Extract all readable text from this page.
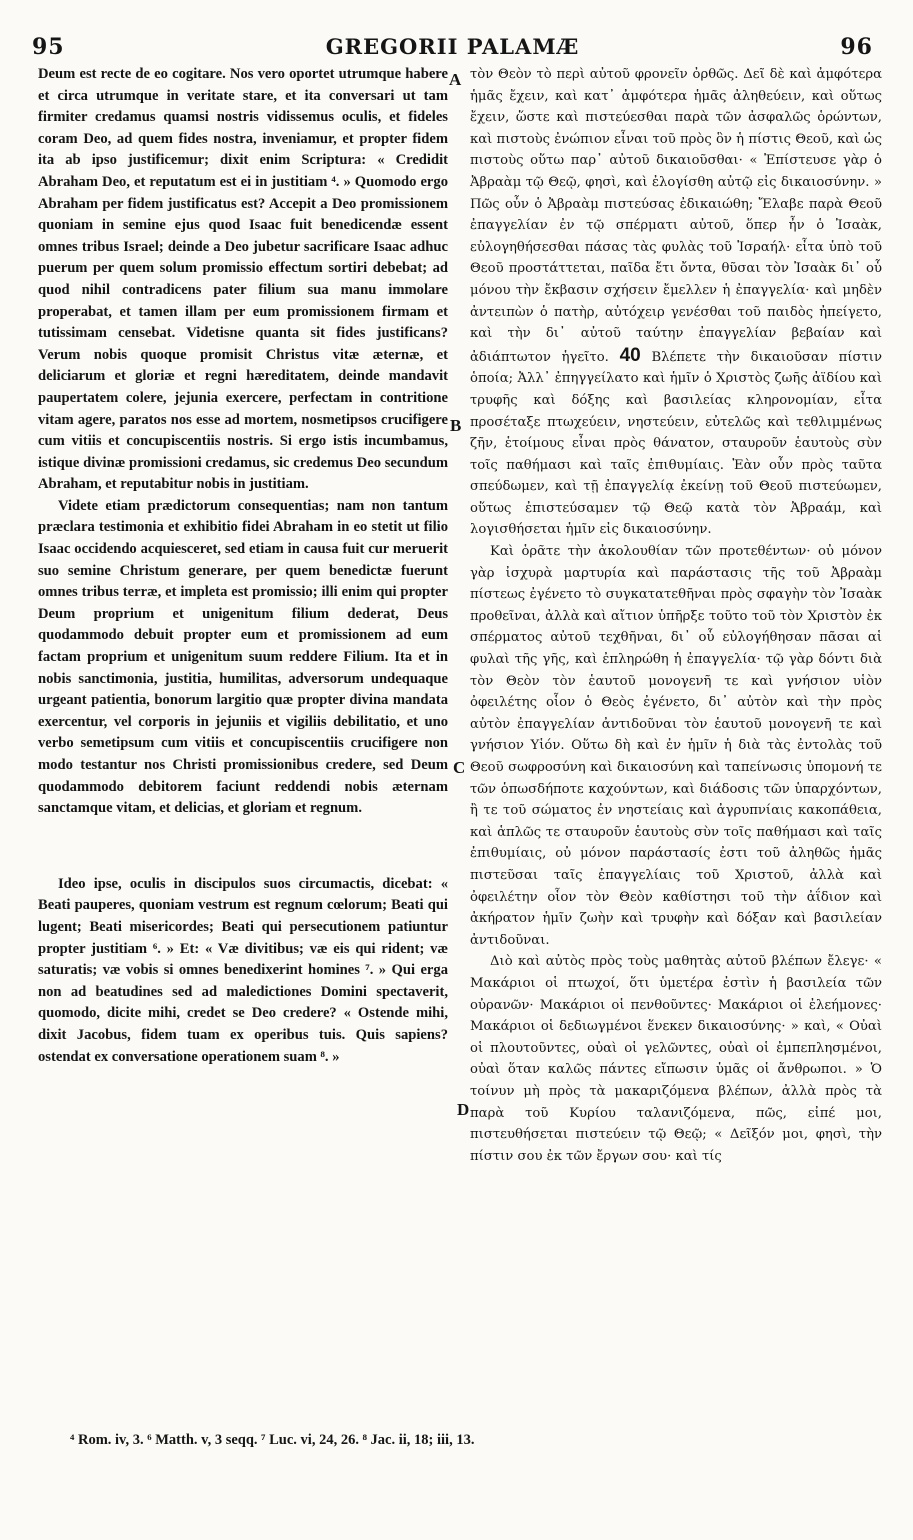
95	GREGORII PALAMÆ	96

Deum est recte de eo cogitare. Nos vero oportet utrumque habere et circa utrumque in veritate stare, et ita conversari ut tam firmiter credamus quamsi nostris vidissemus oculis, et fideles coram Deo, ad quem fides nostra, inveniamur, et propter fidem ita ab ipso justificemur; dixit enim Scriptura: « Credidit Abraham Deo, et reputatum est ei in justitiam ⁴. » Quomodo ergo Abraham per fidem justificatus est? Accepit a Deo promissionem quoniam in semine ejus quod Isaac fuit benedicendæ essent omnes tribus Israel; deinde a Deo jubetur sacrificare Isaac adhuc puerum per quem solum promissio effectum sortiri debebat; ad quod nihil contradicens pater filium sua manu immolare properabat, et tamen illam per eum promissionem firmam et tutissimam censebat. Videtisne quanta sit fides justificans? Verum nobis quoque promisit Christus vitæ æternæ, et deliciarum et gloriæ et regni hæreditatem, deinde mandavit paupertatem colere, jejunia exercere, perfectam in contritione vitam agere, paratos nos esse ad mortem, nosmetipsos crucifigere cum vitiis et concupiscentiis nostris. Si ergo istis incumbamus, istique divinæ promissioni credamus, sic credemus Deo secundum Abraham, et reputabitur nobis in justitiam.

Videte etiam prædictorum consequentias; nam non tantum præclara testimonia et exhibitio fidei Abraham in eo stetit ut filio Isaac occidendo acquiesceret, sed etiam in causa fuit cur meruerit suo semine Christum generare, per quem benedictæ fuerunt omnes tribus terræ, et impleta est promissio; illi enim qui propter Deum proprium et unigenitum filium dederat, Deus quodammodo debuit propter eum et promissionem ad eum factam proprium et unigenitum suum reddere Filium. Ita et in nobis sanctimonia, justitia, humilitas, adversorum undequaque urgeant patientia, bonorum largitio quæ propter divina mandata exercentur, vel corporis in jejuniis et vigiliis debilitatio, et uno verbo semetipsum cum vitiis et concupiscentiis crucifigere non modo testantur nos Christi promissionibus credere, sed Deum quodammodo debitorem faciunt reddendi nobis æternam sanctamque vitam, et delicias, et gloriam et regnum.

Ideo ipse, oculis in discipulos suos circumactis, dicebat: « Beati pauperes, quoniam vestrum est regnum cœlorum; Beati qui lugent; Beati misericordes; Beati qui persecutionem patiuntur propter justitiam ⁶. » Et: « Væ divitibus; væ eis qui rident; væ saturatis; væ vobis si omnes benedixerint homines ⁷. » Qui erga non ad beatudines sed ad maledictiones Domini spectaverit, quomodo, dicite mihi, credet se Deo credere? « Ostende mihi, dixit Jacobus, fidem tuam ex operibus tuis. Quis sapiens? ostendat ex conversatione operationem suam ⁸. »

A
B
C
D

τὸν Θεὸν τὸ περὶ αὐτοῦ φρονεῖν ὀρθῶς. Δεῖ δὲ καὶ ἀμφότερα ἡμᾶς ἔχειν, καὶ κατ᾽ ἀμφότερα ἡμᾶς ἀληθεύειν, καὶ οὕτως ἔχειν, ὥστε καὶ πιστεύεσθαι παρὰ τῶν ἀσφαλῶς ὁρώντων, καὶ πιστοὺς ἐνώπιον εἶναι τοῦ πρὸς ὃν ἡ πίστις Θεοῦ, καὶ ὡς πιστοὺς οὕτω παρ᾽ αὐτοῦ δικαιοῦσθαι· « Ἐπίστευσε γὰρ ὁ Ἀβραὰμ τῷ Θεῷ, φησὶ, καὶ ἐλογίσθη αὐτῷ εἰς δικαιοσύνην. » Πῶς οὖν ὁ Ἀβραὰμ πιστεύσας ἐδικαιώθη; Ἔλαβε παρὰ Θεοῦ ἐπαγγελίαν ἐν τῷ σπέρματι αὐτοῦ, ὅπερ ἦν ὁ Ἰσαὰκ, εὐλογηθήσεσθαι πάσας τὰς φυλὰς τοῦ Ἰσραήλ· εἶτα ὑπὸ τοῦ Θεοῦ προστάττεται, παῖδα ἔτι ὄντα, θῦσαι τὸν Ἰσαὰκ δι᾽ οὗ μόνου τὴν ἔκβασιν σχήσειν ἔμελλεν ἡ ἐπαγγελία· καὶ μηδὲν ἀντειπὼν ὁ πατὴρ, αὐτόχειρ γενέσθαι τοῦ παιδὸς ἠπείγετο, καὶ τὴν δι᾽ αὐτοῦ ταύτην ἐπαγγελίαν βεβαίαν καὶ ἀδιάπτωτον ἡγεῖτο. 40 Βλέπετε τὴν δικαιοῦσαν πίστιν ὁποία; Ἀλλ᾽ ἐπηγγείλατο καὶ ἡμῖν ὁ Χριστὸς ζωῆς ἀϊδίου καὶ τρυφῆς καὶ δόξης καὶ βασιλείας κληρονομίαν, εἶτα προσέταξε πτωχεύειν, νηστεύειν, εὐτελῶς καὶ τεθλιμμένως ζῆν, ἑτοίμους εἶναι πρὸς θάνατον, σταυροῦν ἑαυτοὺς σὺν τοῖς παθήμασι καὶ ταῖς ἐπιθυμίαις. Ἐὰν οὖν πρὸς ταῦτα σπεύδωμεν, καὶ τῇ ἐπαγγελίᾳ ἐκείνῃ τοῦ Θεοῦ πιστεύωμεν, οὕτως ἐπιστεύσαμεν τῷ Θεῷ κατὰ τὸν Ἀβραάμ, καὶ λογισθήσεται ἡμῖν εἰς δικαιοσύνην.

Καὶ ὁρᾶτε τὴν ἀκολουθίαν τῶν προτεθέντων· οὐ μόνον γὰρ ἰσχυρὰ μαρτυρία καὶ παράστασις τῆς τοῦ Ἀβραὰμ πίστεως ἐγένετο τὸ συγκατατεθῆναι πρὸς σφαγὴν τὸν Ἰσαὰκ προθεῖναι, ἀλλὰ καὶ αἴτιον ὑπῆρξε τοῦτο τοῦ τὸν Χριστὸν ἐκ σπέρματος αὐτοῦ τεχθῆναι, δι᾽ οὗ εὐλογήθησαν πᾶσαι αἱ φυλαὶ τῆς γῆς, καὶ ἐπληρώθη ἡ ἐπαγγελία· τῷ γὰρ δόντι διὰ τὸν Θεὸν τὸν ἑαυτοῦ μονογενῆ τε καὶ γνήσιον υἱὸν ὀφειλέτης οἷον ὁ Θεὸς ἐγένετο, δι᾽ αὐτὸν καὶ τὴν πρὸς αὐτὸν ἐπαγγελίαν ἀντιδοῦναι τὸν ἑαυτοῦ μονογενῆ τε καὶ γνήσιον Υἱόν. Οὕτω δὴ καὶ ἐν ἡμῖν ἡ διὰ τὰς ἐντολὰς τοῦ Θεοῦ σωφροσύνη καὶ δικαιοσύνη καὶ ταπείνωσις ὑπομονή τε τῶν ὁπωσδήποτε καχούντων, καὶ διάδοσις τῶν ὑπαρχόντων, ἢ τε τοῦ σώματος ἐν νηστείαις καὶ ἀγρυπνίαις κακοπάθεια, καὶ ἁπλῶς τε σταυροῦν ἑαυτοὺς σὺν τοῖς παθήμασι καὶ ταῖς ἐπιθυμίαις, οὐ μόνον παράστασίς ἐστι τοῦ ἀληθῶς ἡμᾶς πιστεῦσαι ταῖς ἐπαγγελίαις τοῦ Χριστοῦ, ἀλλὰ καὶ ὀφειλέτην οἷον τὸν Θεὸν καθίστησι τοῦ τὴν ἀΐδιον καὶ ἀκήρατον ἡμῖν ζωὴν καὶ τρυφὴν καὶ δόξαν καὶ βασιλείαν ἀντιδοῦναι.

Διὸ καὶ αὐτὸς πρὸς τοὺς μαθητὰς αὐτοῦ βλέπων ἔλεγε· « Μακάριοι οἱ πτωχοί, ὅτι ὑμετέρα ἐστὶν ἡ βασιλεία τῶν οὐρανῶν· Μακάριοι οἱ πενθοῦντες· Μακάριοι οἱ ἐλεήμονες· Μακάριοι οἱ δεδιωγμένοι ἕνεκεν δικαιοσύνης· » καὶ, « Οὐαὶ οἱ πλουτοῦντες, οὐαὶ οἱ γελῶντες, οὐαὶ οἱ ἐμπεπλησμένοι, οὐαὶ ὅταν καλῶς πάντες εἴπωσιν ὑμᾶς οἱ ἄνθρωποι. » Ὁ τοίνυν μὴ πρὸς τὰ μακαριζόμενα βλέπων, ἀλλὰ πρὸς τὰ παρὰ τοῦ Κυρίου ταλανιζόμενα, πῶς, εἰπέ μοι, πιστευθήσεται πιστεύειν τῷ Θεῷ; « Δεῖξόν μοι, φησὶ, τὴν πίστιν σου ἐκ τῶν ἔργων σου· καὶ τίς

⁴ Rom. iv, 3. ⁶ Matth. v, 3 seqq. ⁷ Luc. vi, 24, 26. ⁸ Jac. ii, 18; iii, 13.
